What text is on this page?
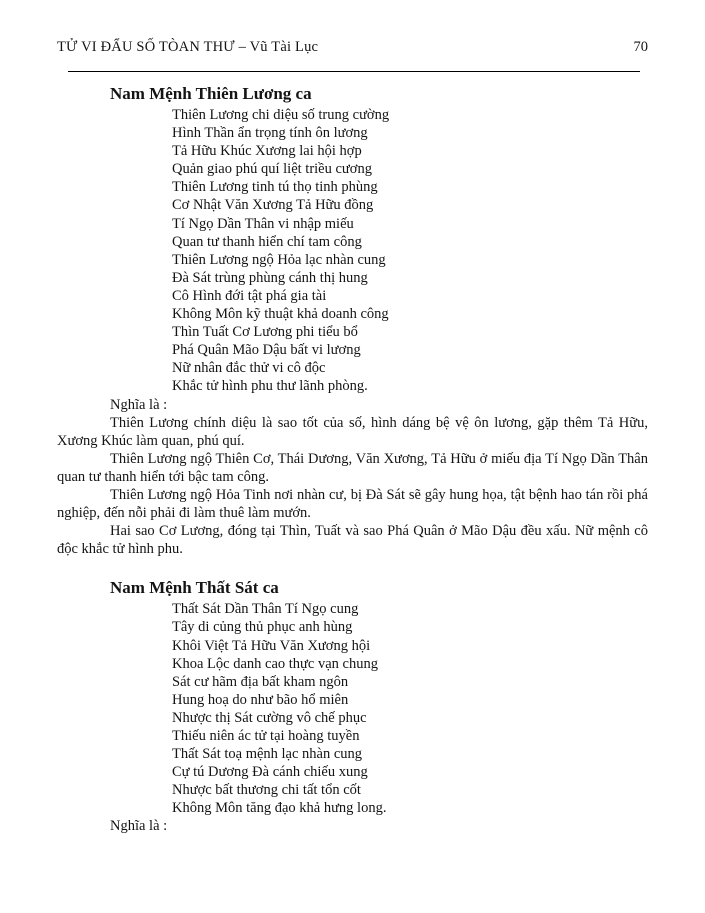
TỬ VI ĐẨU SỐ TÒAN THƯ – Vũ Tài Lục	70
Nam Mệnh Thiên Lương ca
Thiên Lương chi diệu số trung cường
Hình Thần ẩn trọng tính ôn lương
Tả Hữu Khúc Xương lai hội hợp
Quản giao phú quí liệt triều cương
Thiên Lương tinh tú thọ tinh phùng
Cơ Nhật Văn Xương Tả Hữu đồng
Tí Ngọ Dần Thân vi nhập miếu
Quan tư thanh hiển chí tam công
Thiên Lương ngộ Hỏa lạc nhàn cung
Đà Sát trùng phùng cánh thị hung
Cô Hình đới tật phá gia tài
Không Môn kỹ thuật khả doanh công
Thìn Tuất Cơ Lương phi tiểu bổ
Phá Quân Mão Dậu bất vi lương
Nữ nhân đắc thử vi cô độc
Khắc tử hình phu thư lãnh phòng.
Nghĩa là :

Thiên Lương chính diệu là sao tốt của số, hình dáng bệ vệ ôn lương, gặp thêm Tả Hữu, Xương Khúc làm quan, phú quí.

Thiên Lương ngộ Thiên Cơ, Thái Dương, Văn Xương, Tả Hữu ở miếu địa Tí Ngọ Dần Thân quan tư thanh hiển tới bậc tam công.

Thiên Lương ngộ Hỏa Tinh nơi nhàn cư, bị Đà Sát sẽ gây hung họa, tật bệnh hao tán rồi phá nghiệp, đến nỗi phải đi làm thuê làm mướn.

Hai sao Cơ Lương, đóng tại Thìn, Tuất và sao Phá Quân ở Mão Dậu đều xấu. Nữ mệnh cô độc khắc tử hình phu.

Nam Mệnh Thất Sát ca
Thất Sát Dần Thân Tí Ngọ cung
Tây di củng thủ phục anh hùng
Khôi Việt Tả Hữu Văn Xương hội
Khoa Lộc danh cao thực vạn chung
Sát cư hãm địa bất kham ngôn
Hung hoạ do như bão hổ miên
Nhược thị Sát cường vô chế phục
Thiếu niên ác tử tại hoàng tuyền
Thất Sát toạ mệnh lạc nhàn cung
Cự tú Dương Đà cánh chiếu xung
Nhược bất thương chi tất tổn cốt
Không Môn tăng đạo khả hưng long.
Nghĩa là :
